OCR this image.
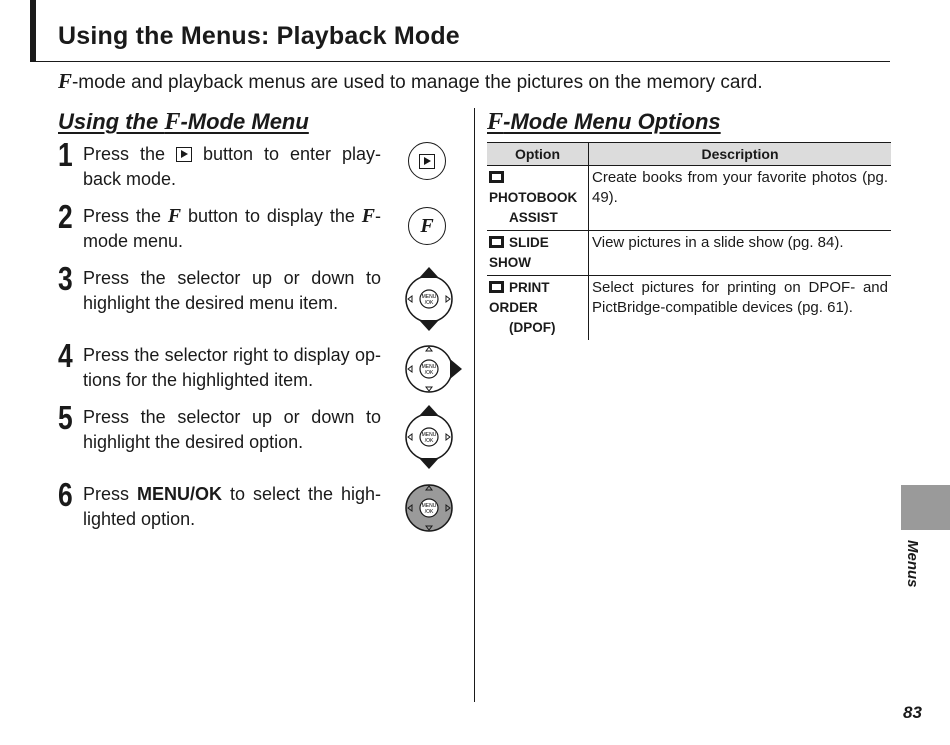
Using the Menus: Playback Mode
F-mode and playback menus are used to manage the pictures on the memory card.
Using the F-Mode Menu
1 Press the  button to enter play-back mode.
2 Press the F button to display the F-mode menu.
3 Press the selector up or down to highlight the desired menu item.
4 Press the selector right to display op-tions for the highlighted item.
5 Press the selector up or down to highlight the desired option.
6 Press MENU/OK to select the high-lighted option.
F
MENU
/OK
MENU
/OK
MENU
/OK
MENU
/OK
F-Mode Menu Options
Option	Description
PHOTOBOOK
ASSIST	Create books from your favorite photos (pg. 49).
SLIDE SHOW	View pictures in a slide show (pg. 84).
PRINT ORDER
(DPOF)	Select pictures for printing on DPOF- and PictBridge-compatible devices (pg. 61).
Menus
83
